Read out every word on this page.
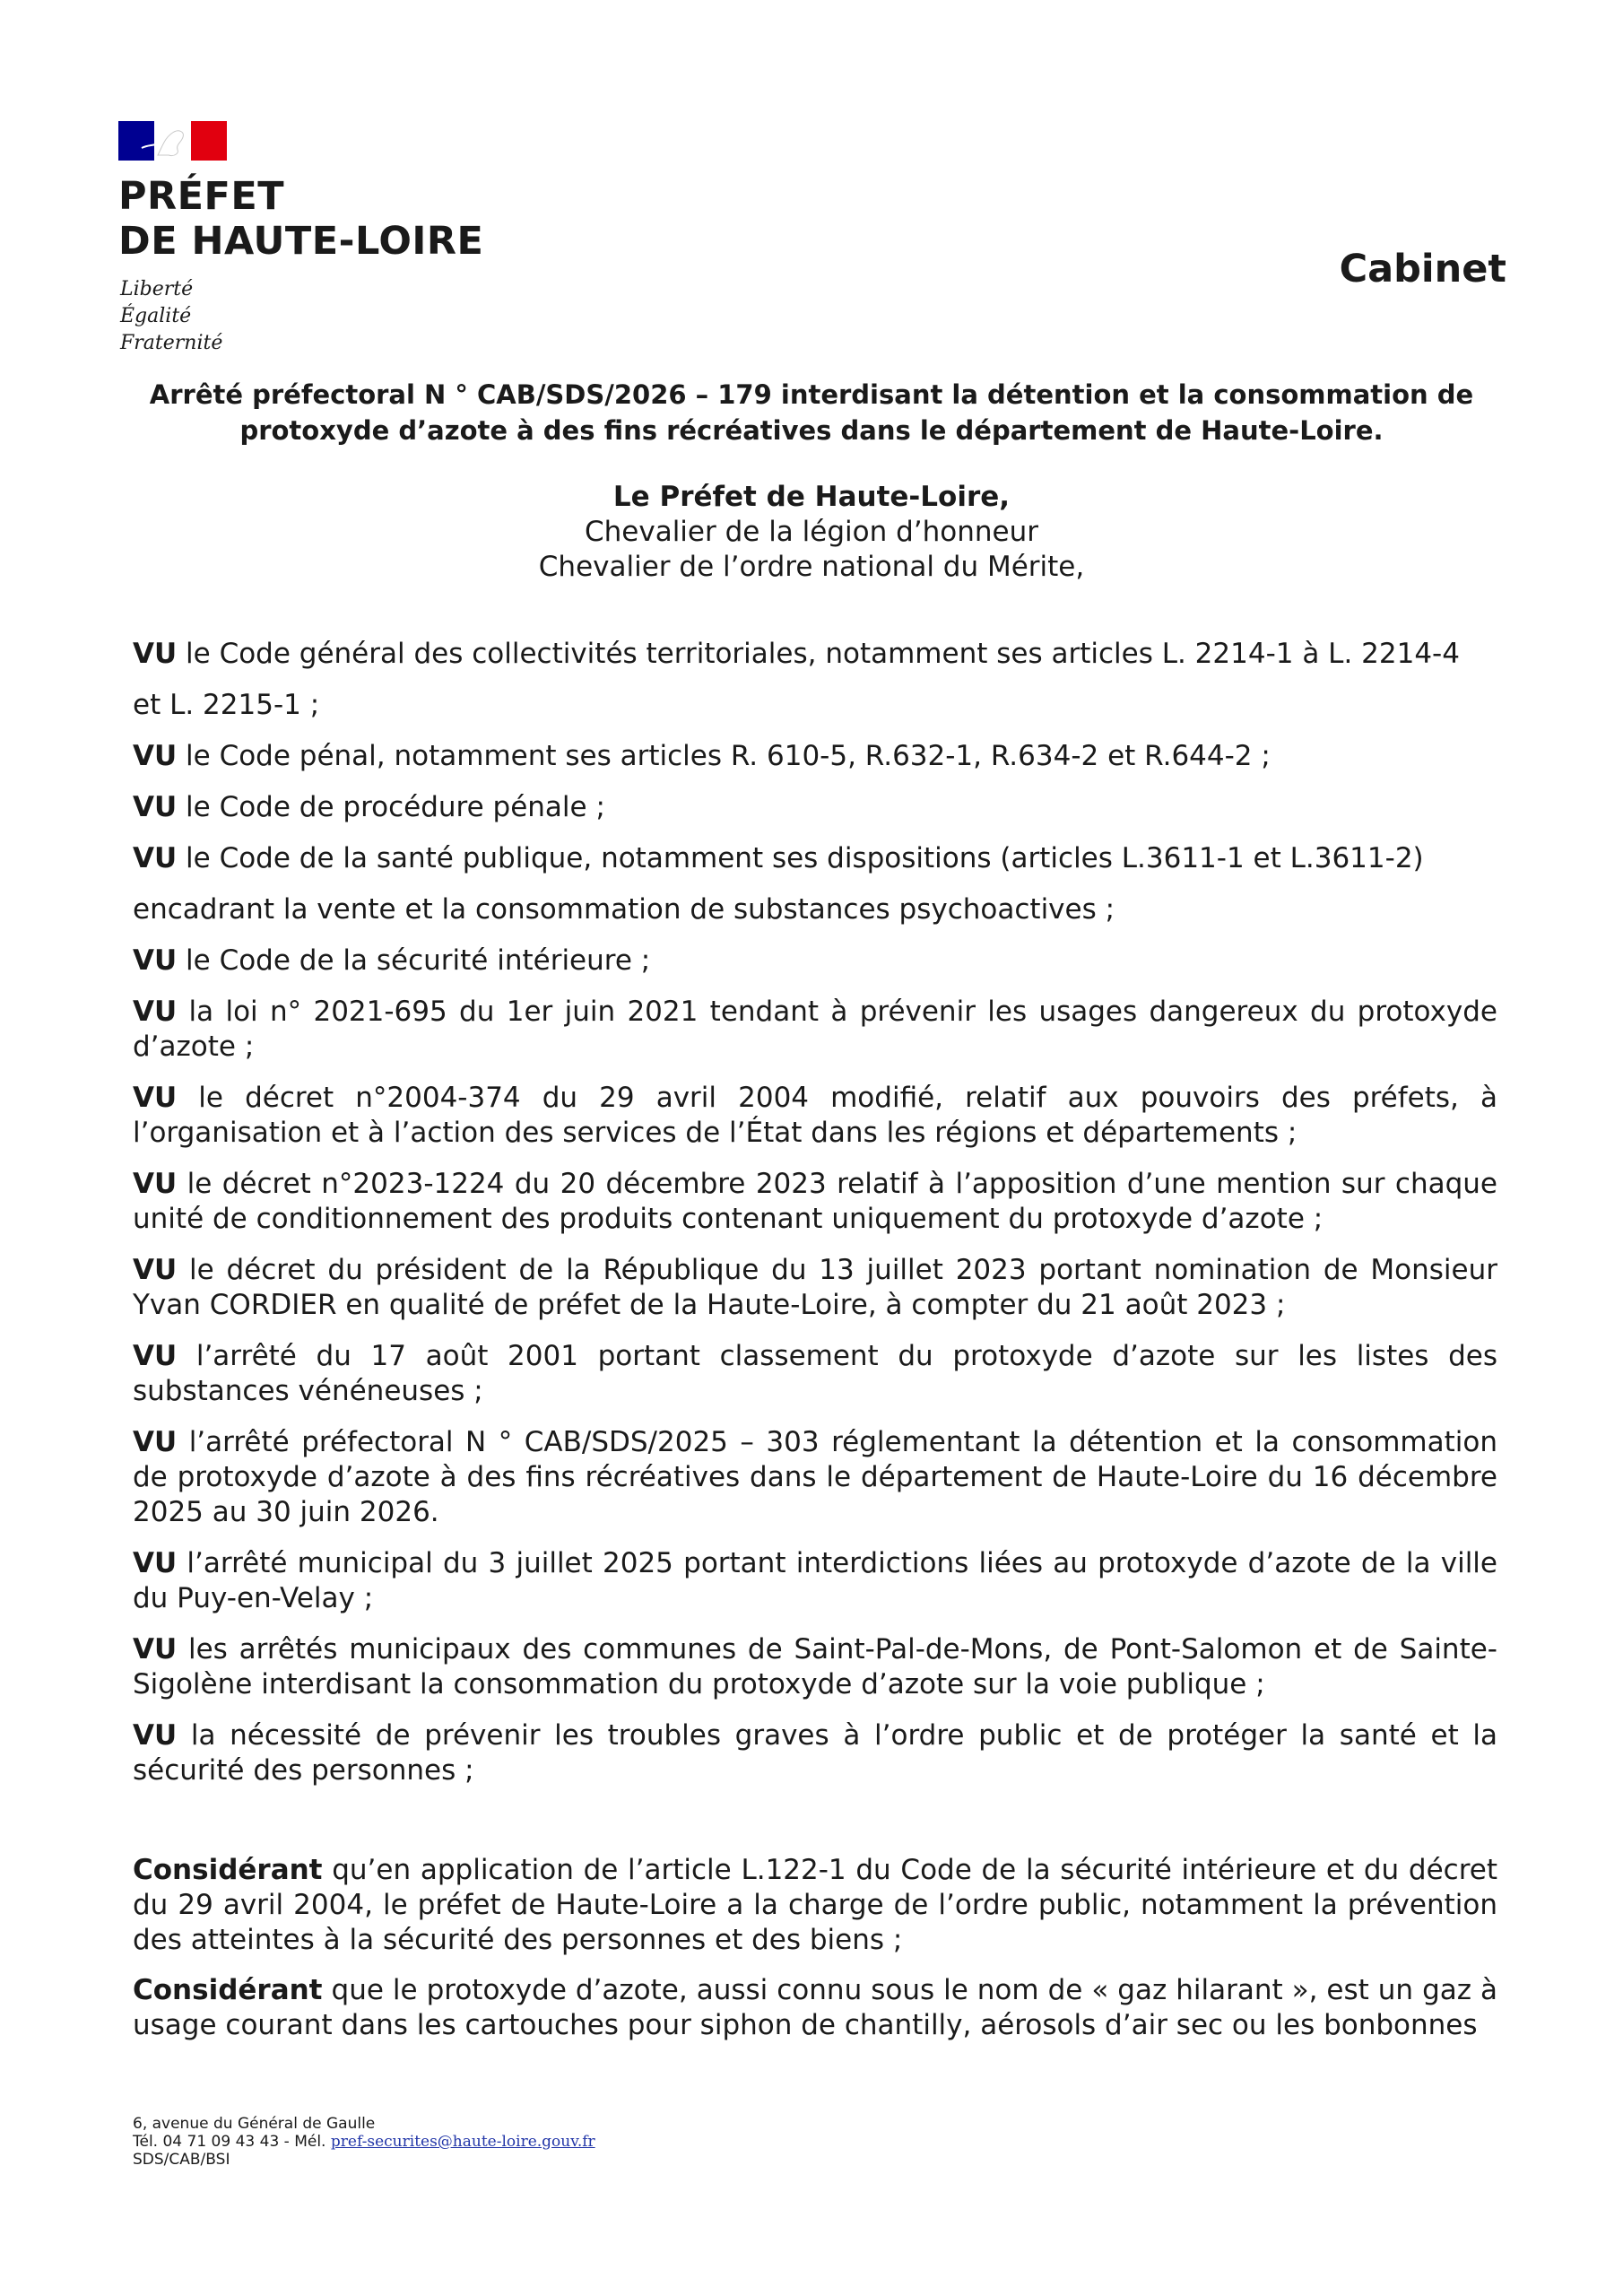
PRÉFET
DE HAUTE-LOIRE
Liberté
Égalité
Fraternité
Cabinet
Arrêté préfectoral N ° CAB/SDS/2026 – 179 interdisant la détention et la consommation de
protoxyde d’azote à des fins récréatives dans le département de Haute-Loire.
Le Préfet de Haute-Loire,
Chevalier de la légion d’honneur
Chevalier de l’ordre national du Mérite,

VU le Code général des collectivités territoriales, notamment ses articles L. 2214-1 à L. 2214-4

et L. 2215-1 ;

VU le Code pénal, notamment ses articles R. 610-5, R.632-1, R.634-2 et R.644-2 ;

VU le Code de procédure pénale ;

VU le Code de la santé publique, notamment ses dispositions (articles L.3611-1 et L.3611-2)

encadrant la vente et la consommation de substances psychoactives ;

VU le Code de la sécurité intérieure ;

VU la loi n° 2021-695 du 1er juin 2021 tendant à prévenir les usages dangereux du protoxyde d’azote ;

VU le décret n°2004-374 du 29 avril 2004 modifié, relatif aux pouvoirs des préfets, à l’organisation et à l’action des services de l’État dans les régions et départements ;

VU le décret n°2023-1224 du 20 décembre 2023 relatif à l’apposition d’une mention sur chaque unité de conditionnement des produits contenant uniquement du protoxyde d’azote ;

VU le décret du président de la République du 13 juillet 2023 portant nomination de Monsieur Yvan CORDIER en qualité de préfet de la Haute-Loire, à compter du 21 août 2023 ;

VU l’arrêté du 17 août 2001 portant classement du protoxyde d’azote sur les listes des substances vénéneuses ;

VU l’arrêté préfectoral N ° CAB/SDS/2025 – 303 réglementant la détention et la consommation de protoxyde d’azote à des fins récréatives dans le département de Haute-Loire du 16 décembre 2025 au 30 juin 2026.

VU l’arrêté municipal du 3 juillet 2025 portant interdictions liées au protoxyde d’azote de la ville du Puy-en-Velay ;

VU les arrêtés municipaux des communes de Saint-Pal-de-Mons, de Pont-Salomon et de Sainte-Sigolène interdisant la consommation du protoxyde d’azote sur la voie publique ;

VU la nécessité de prévenir les troubles graves à l’ordre public et de protéger la santé et la sécurité des personnes ;

Considérant qu’en application de l’article L.122-1 du Code de la sécurité intérieure et du décret du 29 avril 2004, le préfet de Haute-Loire a la charge de l’ordre public, notamment la prévention des atteintes à la sécurité des personnes et des biens ;

Considérant que le protoxyde d’azote, aussi connu sous le nom de « gaz hilarant », est un gaz à usage courant dans les cartouches pour siphon de chantilly, aérosols d’air sec ou les bonbonnes

6, avenue du Général de Gaulle
Tél. 04 71 09 43 43 - Mél. pref-securites@haute-loire.gouv.fr
SDS/CAB/BSI
